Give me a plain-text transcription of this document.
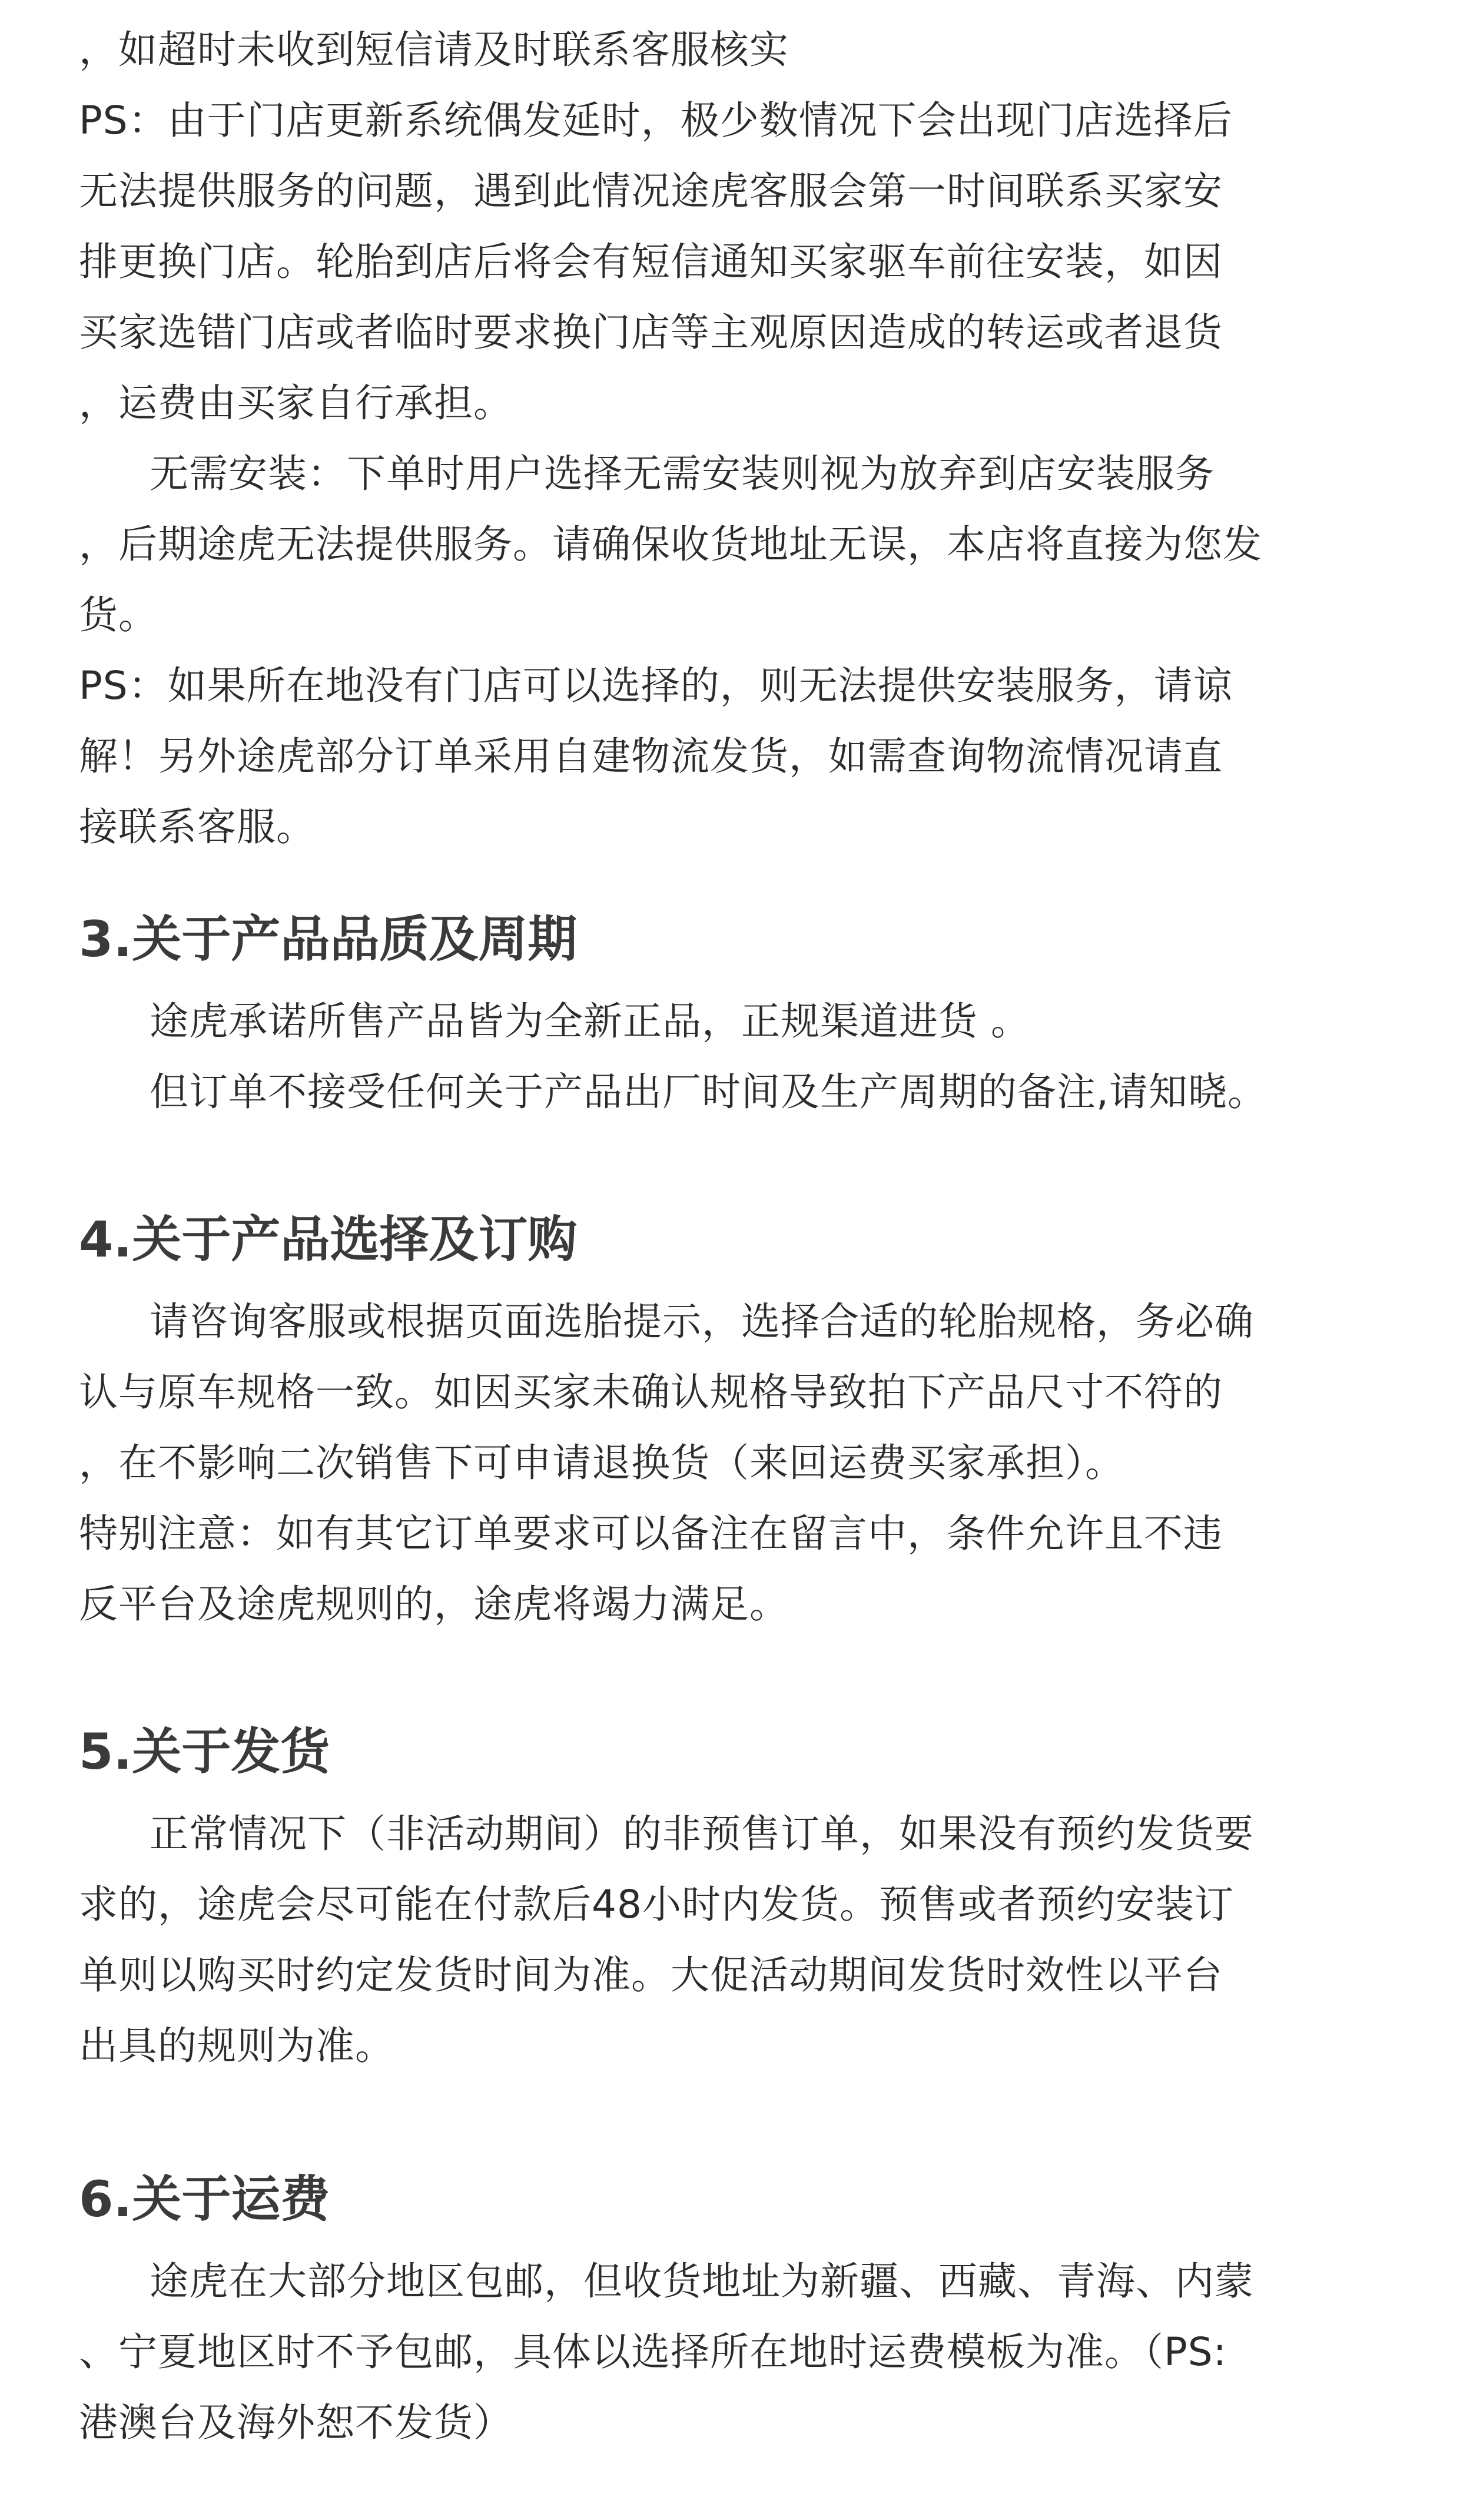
，如超时未收到短信请及时联系客服核实
PS：由于门店更新系统偶发延时，极少数情况下会出现门店选择后
无法提供服务的问题，遇到此情况途虎客服会第一时间联系买家安
排更换门店。轮胎到店后将会有短信通知买家驱车前往安装，如因
买家选错门店或者临时要求换门店等主观原因造成的转运或者退货
，运费由买家自行承担。
无需安装：下单时用户选择无需安装则视为放弃到店安装服务
，后期途虎无法提供服务。请确保收货地址无误，本店将直接为您发
货。
PS：如果所在地没有门店可以选择的，则无法提供安装服务，请谅
解！另外途虎部分订单采用自建物流发货，如需查询物流情况请直
接联系客服。
3.关于产品品质及周期
途虎承诺所售产品皆为全新正品，正规渠道进货 。
但订单不接受任何关于产品出厂时间及生产周期的备注,请知晓。
4.关于产品选择及订购
请咨询客服或根据页面选胎提示，选择合适的轮胎规格，务必确
认与原车规格一致。如因买家未确认规格导致拍下产品尺寸不符的
，在不影响二次销售下可申请退换货（来回运费买家承担）。
特别注意：如有其它订单要求可以备注在留言中，条件允许且不违
反平台及途虎规则的，途虎将竭力满足。
5.关于发货
正常情况下（非活动期间）的非预售订单，如果没有预约发货要
求的，途虎会尽可能在付款后48小时内发货。预售或者预约安装订
单则以购买时约定发货时间为准。大促活动期间发货时效性以平台
出具的规则为准。
6.关于运费
途虎在大部分地区包邮，但收货地址为新疆、西藏、青海、内蒙
、宁夏地区时不予包邮，具体以选择所在地时运费模板为准。（PS:
港澳台及海外恕不发货）
